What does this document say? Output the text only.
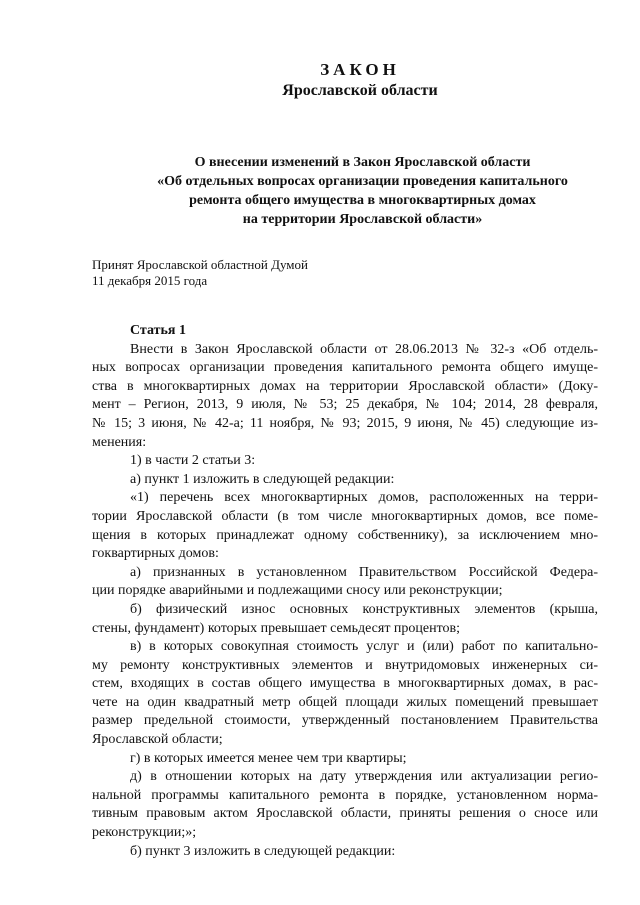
ЗАКОН
Ярославской области
О внесении изменений в Закон Ярославской области
«Об отдельных вопросах организации проведения капитального
ремонта общего имущества в многоквартирных домах
на территории Ярославской области»
Принят Ярославской областной Думой
11 декабря 2015 года
Статья 1
Внести в Закон Ярославской области от 28.06.2013 № 32-з «Об отдель-
ных вопросах организации проведения капитального ремонта общего имуще-
ства в многоквартирных домах на территории Ярославской области» (Доку-
мент – Регион, 2013, 9 июля, № 53; 25 декабря, № 104; 2014, 28 февраля,
№ 15; 3 июня, № 42-а; 11 ноября, № 93; 2015, 9 июня, № 45) следующие из-
менения:
1) в части 2 статьи 3:
а) пункт 1 изложить в следующей редакции:
«1) перечень всех многоквартирных домов, расположенных на терри-
тории Ярославской области (в том числе многоквартирных домов, все поме-
щения в которых принадлежат одному собственнику), за исключением мно-
гоквартирных домов:
а) признанных в установленном Правительством Российской Федера-
ции порядке аварийными и подлежащими сносу или реконструкции;
б) физический износ основных конструктивных элементов (крыша,
стены, фундамент) которых превышает семьдесят процентов;
в) в которых совокупная стоимость услуг и (или) работ по капитально-
му ремонту конструктивных элементов и внутридомовых инженерных си-
стем, входящих в состав общего имущества в многоквартирных домах, в рас-
чете на один квадратный метр общей площади жилых помещений превышает
размер предельной стоимости, утвержденный постановлением Правительства
Ярославской области;
г) в которых имеется менее чем три квартиры;
д) в отношении которых на дату утверждения или актуализации регио-
нальной программы капитального ремонта в порядке, установленном норма-
тивным правовым актом Ярославской области, приняты решения о сносе или
реконструкции;»;
б) пункт 3 изложить в следующей редакции:
